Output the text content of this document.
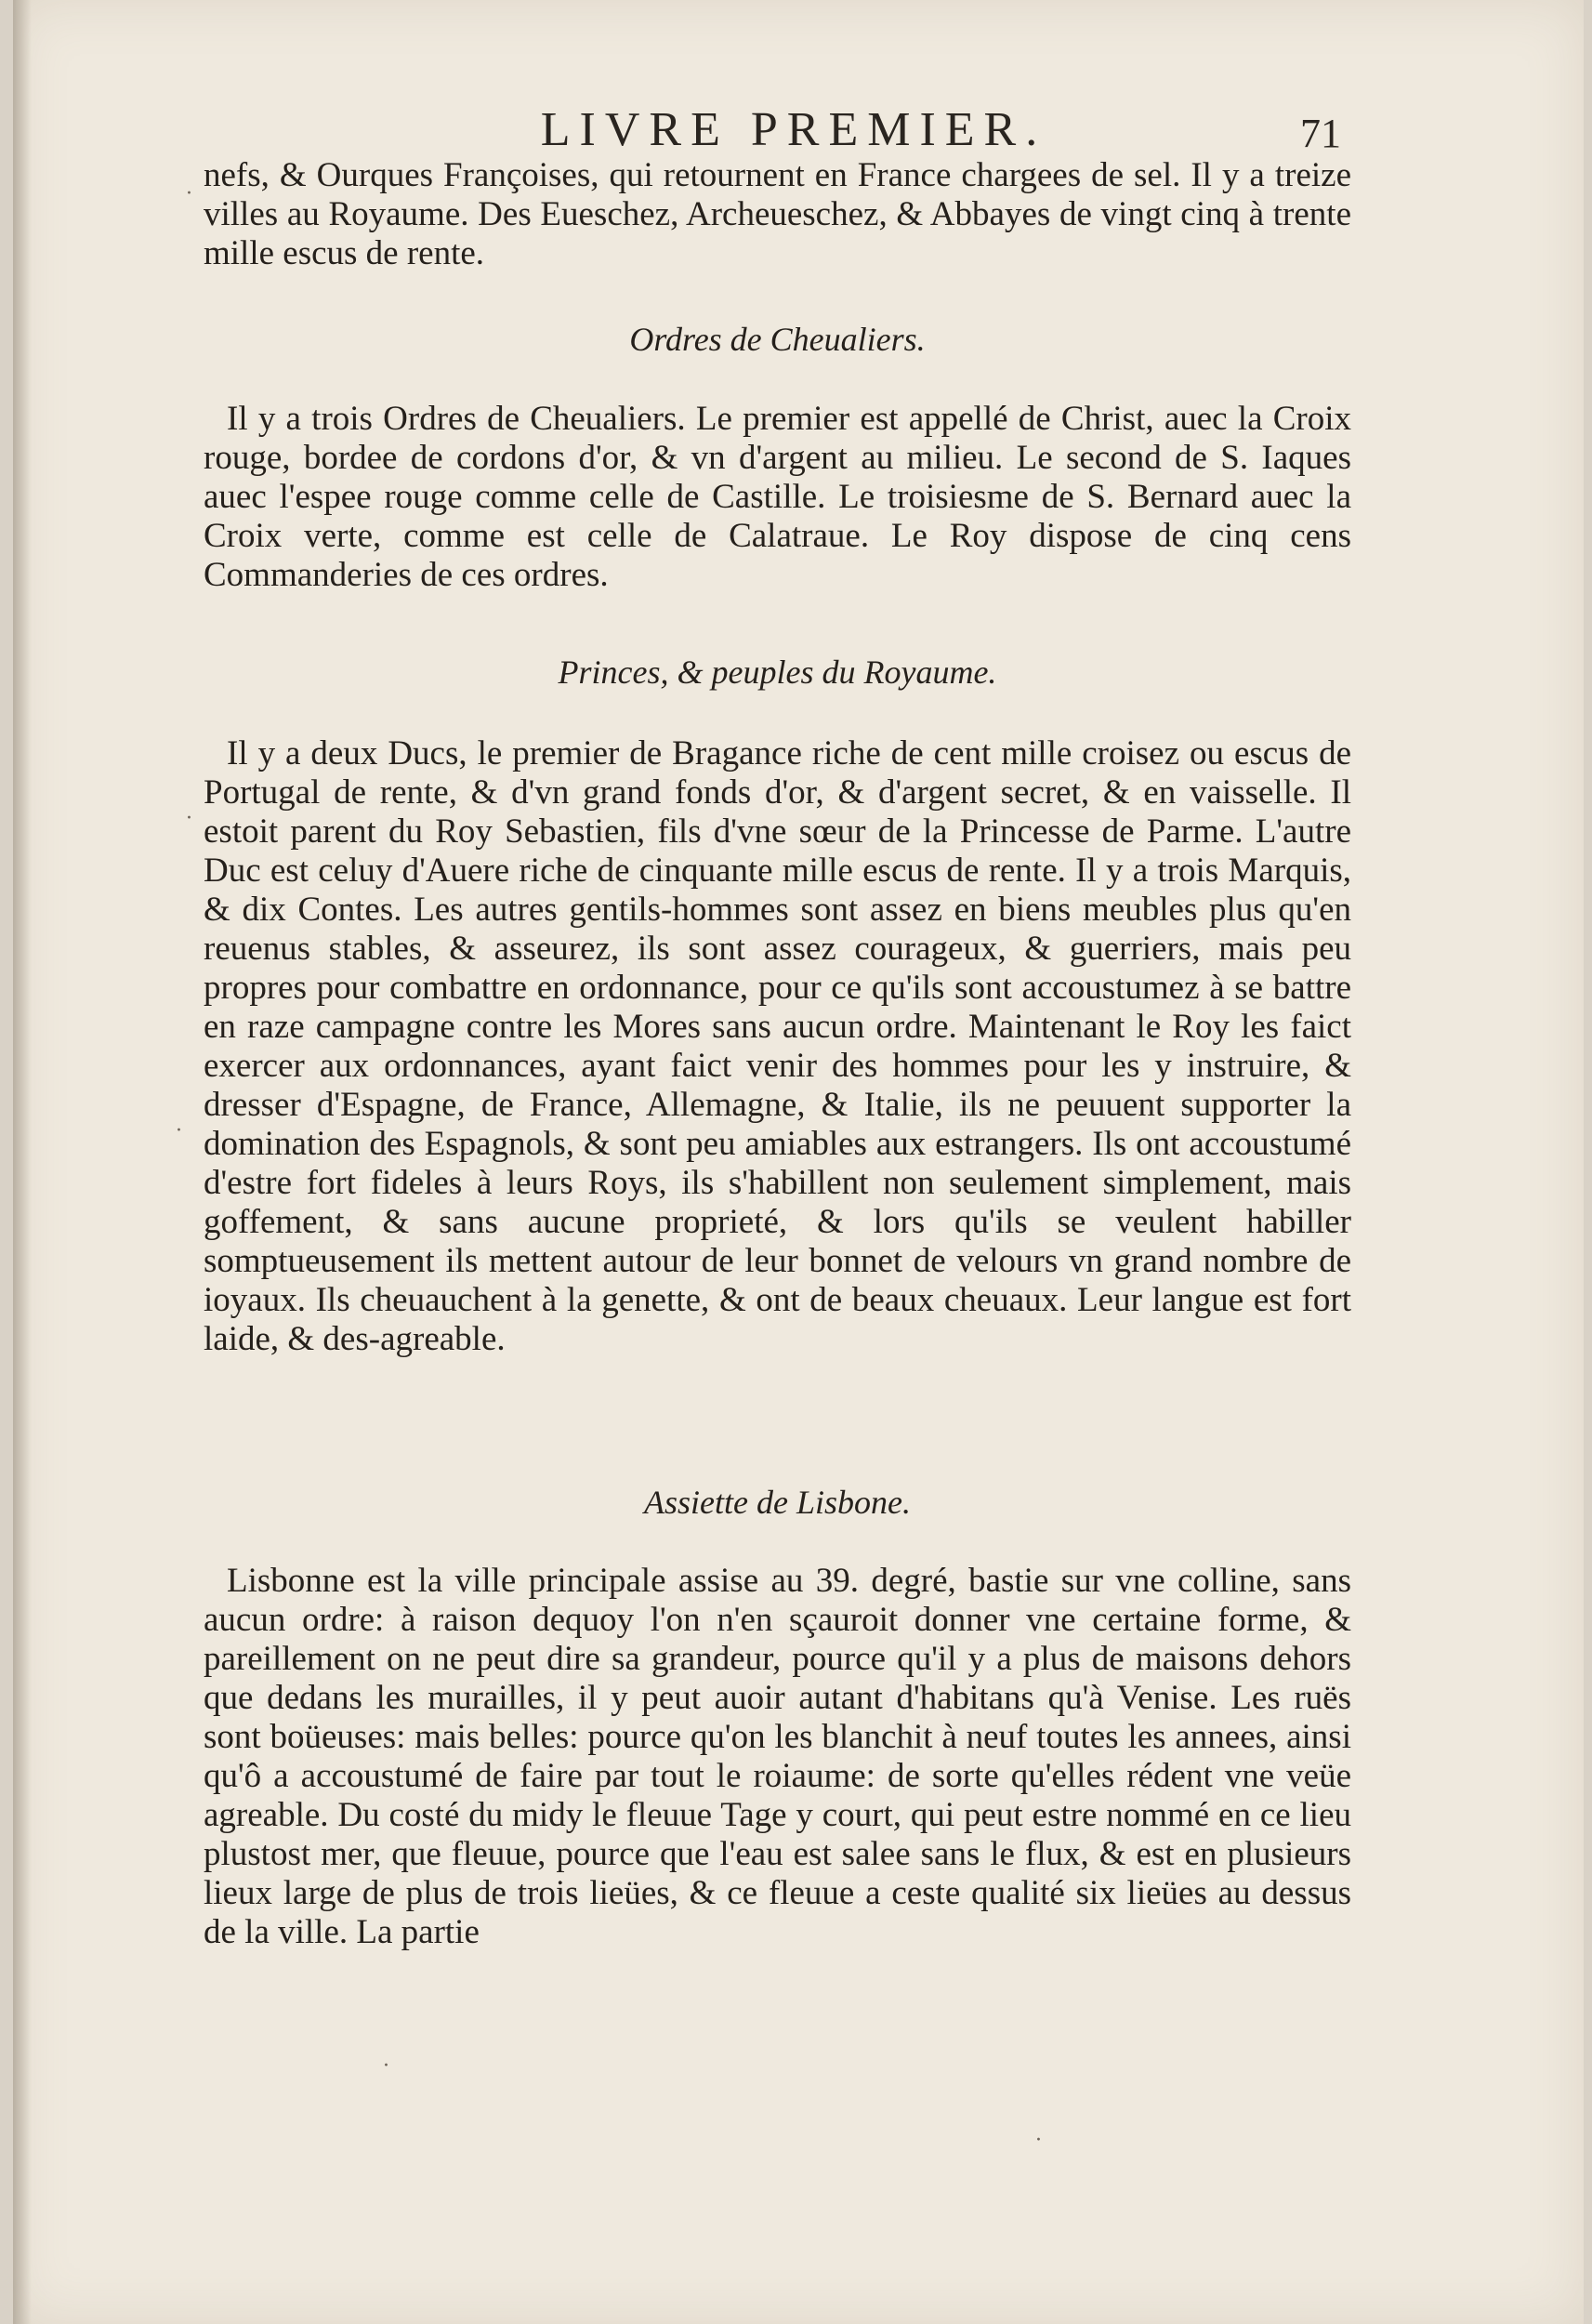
LIVRE PREMIER.	71

nefs, & Ourques Françoises, qui retournent en France chargees de sel. Il y a treize villes au Royaume. Des Eueschez, Archeueschez, & Abbayes de vingt cinq à trente mille escus de rente.

Ordres de Cheualiers.

Il y a trois Ordres de Cheualiers. Le premier est appellé de Christ, auec la Croix rouge, bordee de cordons d'or, & vn d'argent au milieu. Le second de S. Iaques auec l'espee rouge comme celle de Castille. Le troisiesme de S. Bernard auec la Croix verte, comme est celle de Calatraue. Le Roy dispose de cinq cens Commanderies de ces ordres.

Princes, & peuples du Royaume.

Il y a deux Ducs, le premier de Bragance riche de cent mille croisez ou escus de Portugal de rente, & d'vn grand fonds d'or, & d'argent secret, & en vaisselle. Il estoit parent du Roy Sebastien, fils d'vne sœur de la Princesse de Parme. L'autre Duc est celuy d'Auere riche de cinquante mille escus de rente. Il y a trois Marquis, & dix Contes. Les autres gentils-hommes sont assez en biens meubles plus qu'en reuenus stables, & asseurez, ils sont assez courageux, & guerriers, mais peu propres pour combattre en ordonnance, pour ce qu'ils sont accoustumez à se battre en raze campagne contre les Mores sans aucun ordre. Maintenant le Roy les faict exercer aux ordonnances, ayant faict venir des hommes pour les y instruire, & dresser d'Espagne, de France, Allemagne, & Italie, ils ne peuuent supporter la domination des Espagnols, & sont peu amiables aux estrangers. Ils ont accoustumé d'estre fort fideles à leurs Roys, ils s'habillent non seulement simplement, mais goffement, & sans aucune proprieté, & lors qu'ils se veulent habiller somptueusement ils mettent autour de leur bonnet de velours vn grand nombre de ioyaux. Ils cheuauchent à la genette, & ont de beaux cheuaux. Leur langue est fort laide, & des-agreable.

Assiette de Lisbone.

Lisbonne est la ville principale assise au 39. degré, bastie sur vne colline, sans aucun ordre: à raison dequoy l'on n'en sçauroit donner vne certaine forme, & pareillement on ne peut dire sa grandeur, pource qu'il y a plus de maisons dehors que dedans les murailles, il y peut auoir autant d'habitans qu'à Venise. Les ruës sont boüeuses: mais belles: pource qu'on les blanchit à neuf toutes les annees, ainsi qu'ô a accoustumé de faire par tout le roiaume: de sorte qu'elles rédent vne veüe agreable. Du costé du midy le fleuue Tage y court, qui peut estre nommé en ce lieu plustost mer, que fleuue, pource que l'eau est salee sans le flux, & est en plusieurs lieux large de plus de trois lieües, & ce fleuue a ceste qualité six lieües au dessus de la ville. La partie

·
·
·
·
·
